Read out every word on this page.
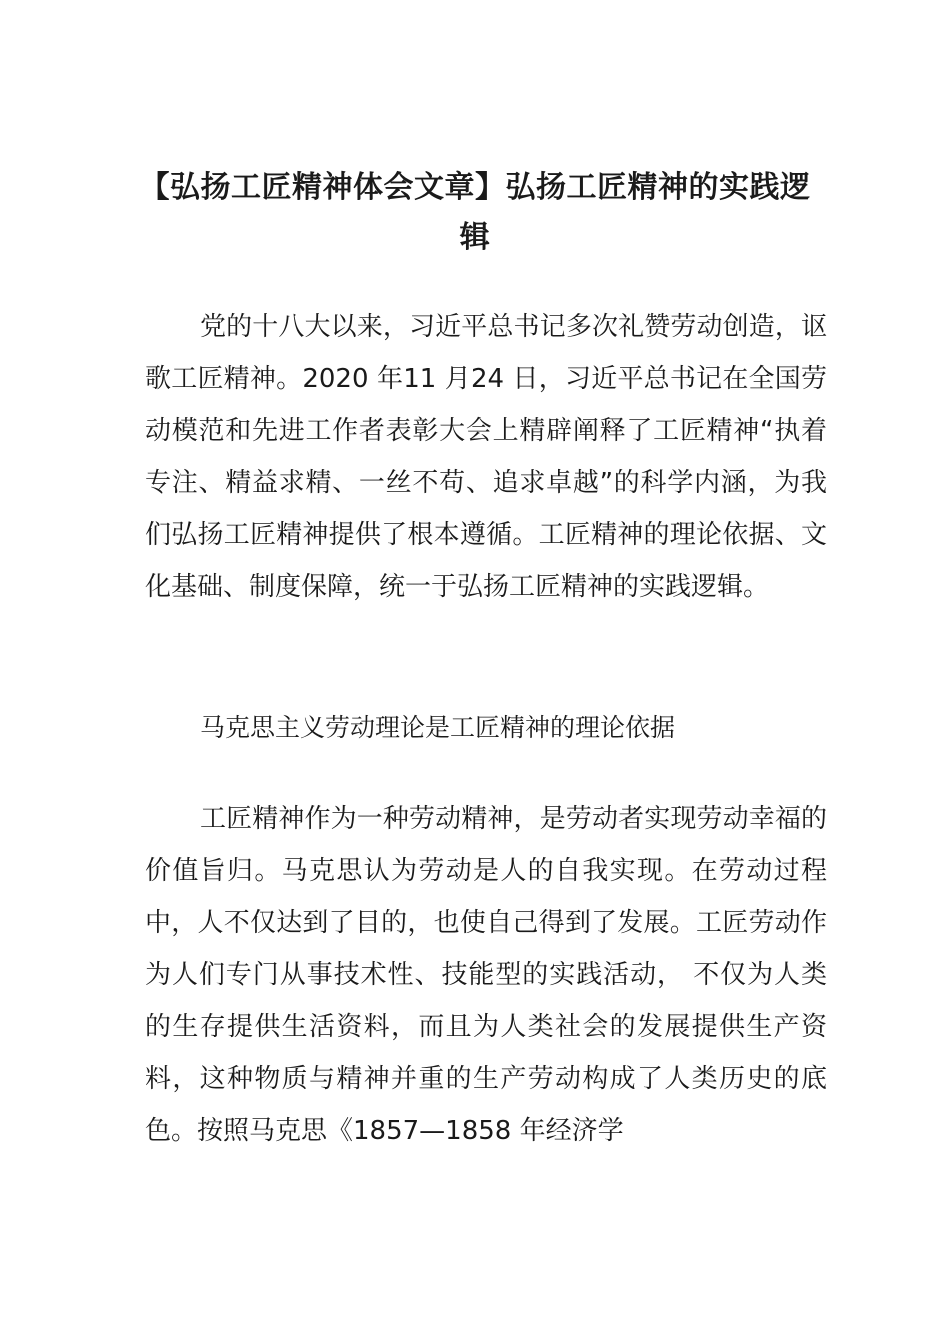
【弘扬工匠精神体会文章】弘扬工匠精神的实践逻辑

党的十八大以来，习近平总书记多次礼赞劳动创造，讴歌工匠精神。2020 年11 月24 日，习近平总书记在全国劳动模范和先进工作者表彰大会上精辟阐释了工匠精神“执着专注、精益求精、一丝不苟、追求卓越”的科学内涵，为我们弘扬工匠精神提供了根本遵循。工匠精神的理论依据、文化基础、制度保障，统一于弘扬工匠精神的实践逻辑。

马克思主义劳动理论是工匠精神的理论依据

工匠精神作为一种劳动精神，是劳动者实现劳动幸福的价值旨归。马克思认为劳动是人的自我实现。在劳动过程中，人不仅达到了目的，也使自己得到了发展。工匠劳动作为人们专门从事技术性、技能型的实践活动， 不仅为人类的生存提供生活资料，而且为人类社会的发展提供生产资料，这种物质与精神并重的生产劳动构成了人类历史的底色。按照马克思《1857—1858 年经济学
